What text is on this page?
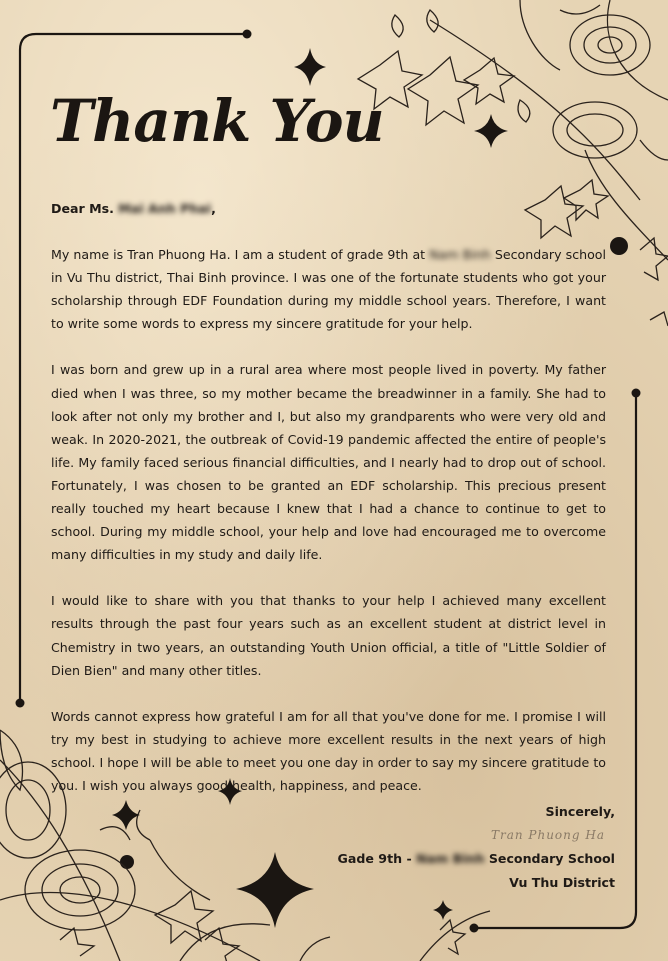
Thank You

Dear Ms. Mai Anh Phai,

My name is Tran Phuong Ha. I am a student of grade 9th at Nam Binh Secondary school in Vu Thu district, Thai Binh province. I was one of the fortunate students who got your scholarship through EDF Foundation during my middle school years. Therefore, I want to write some words to express my sincere gratitude for your help.

I was born and grew up in a rural area where most people lived in poverty. My father died when I was three, so my mother became the breadwinner in a family. She had to look after not only my brother and I, but also my grandparents who were very old and weak. In 2020-2021, the outbreak of Covid-19 pandemic affected the entire of people's life. My family faced serious financial difficulties, and I nearly had to drop out of school. Fortunately, I was chosen to be granted an EDF scholarship. This precious present really touched my heart because I knew that I had a chance to continue to get to school. During my middle school, your help and love had encouraged me to overcome many difficulties in my study and daily life.

I would like to share with you that thanks to your help I achieved many excellent results through the past four years such as an excellent student at district level in Chemistry in two years, an outstanding Youth Union official, a title of "Little Soldier of Dien Bien" and many other titles.

Words cannot express how grateful I am for all that you've done for me. I promise I will try my best in studying to achieve more excellent results in the next years of high school. I hope I will be able to meet you one day in order to say my sincere gratitude to you. I wish you always good health, happiness, and peace.

Sincerely,
Tran Phuong Ha
Gade 9th - Nam Binh Secondary School
Vu Thu District
